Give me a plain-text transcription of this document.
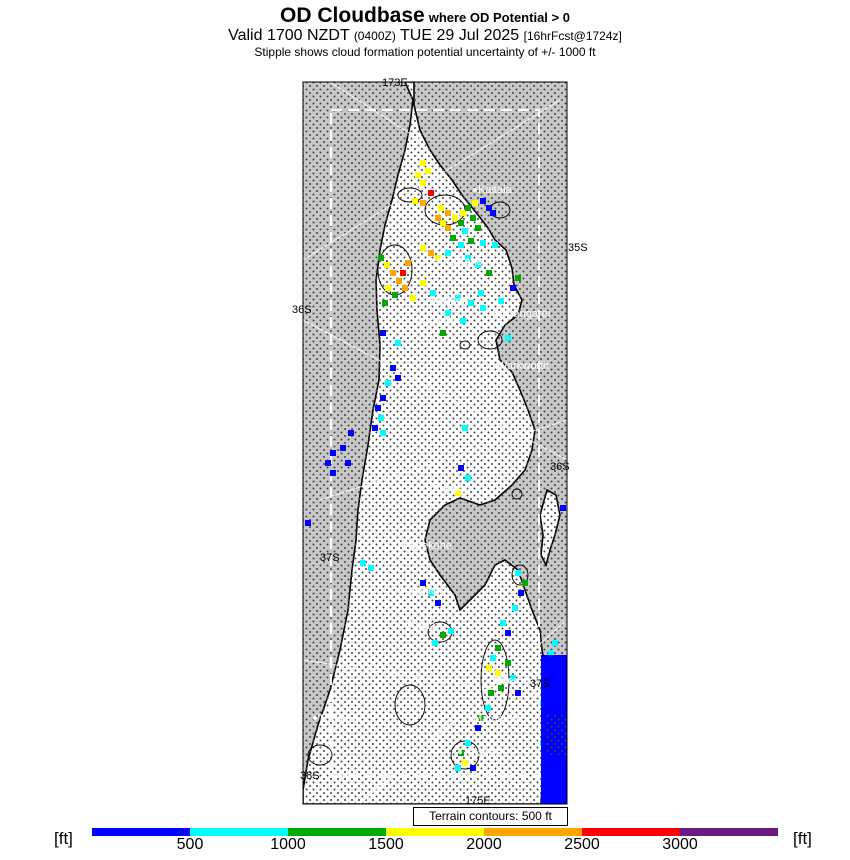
OD Cloudbase where OD Potential > 0
Valid 1700 NZDT (0400Z) TUE 29 Jul 2025 [16hrFcst@1724z]
Stipple shows cloud formation potential uncertainty of +/- 1000 ft
Kaitaia
Kaikohe
Kerikeri
Dargaville
Whangarei
Warkworth
Auckland
Pukekohe
Hamilton
Raglan
Thames
Paeroa
Matamata
Tokoroa
173E
175E
36S
37S
38S
35S
36S
37S
Terrain contours: 500 ft
[ft]	[ft]
500	1000	1500	2000	2500	3000
